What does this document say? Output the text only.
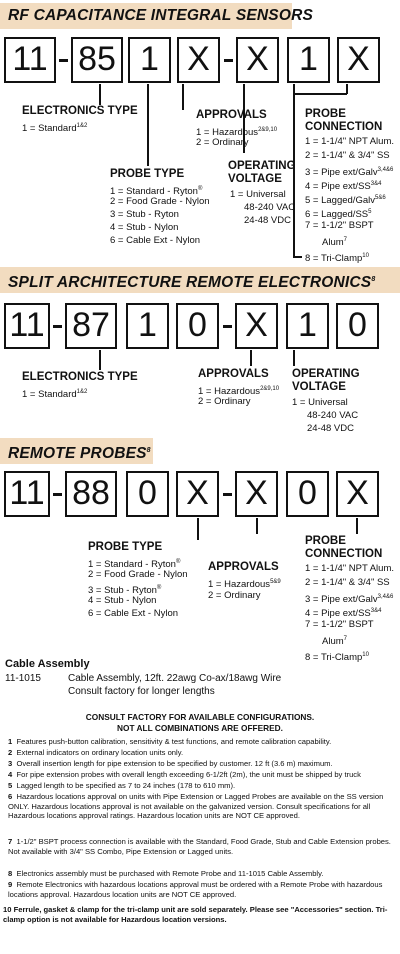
RF CAPACITANCE INTEGRAL SENSORS
11 85 1 X X 1 X
ELECTRONICS TYPE
1 = Standard$^{1\&2}$
APPROVALS
1 = Hazardous$^{2\&9,10}$
2 = Ordinary
PROBE TYPE
1 = Standard - Ryton®
2 = Food Grade - Nylon
3 = Stub - Ryton
4 = Stub - Nylon
6 = Cable Ext - Nylon
OPERATING
VOLTAGE
1 = Universal
48-240 VAC
24-48 VDC
PROBE
CONNECTION
1 = 1-1/4" NPT Alum.
2 = 1-1/4" & 3/4" SS
3 = Pipe ext/Galv$^{3,4\&6}$
4 = Pipe ext/$SS^{3\&4}$
5 = Lagged/Galv$^{5\&6}$
6 = Lagged/$SS^5$
7 = 1-1/2" BSPT
Alum$^7$
8 = Tri-Clamp$^{10}$
SPLIT ARCHITECTURE REMOTE ELECTRONICS$^8$
11 87 1 0	X 1 0
ELECTRONICS TYPE
1 = Standard$^{1\&2}$
APPROVALS
1 = Hazardous$^{2\&9,10}$
2 = Ordinary
OPERATING
VOLTAGE
1 = Universal
48-240 VAC
24-48 VDC
REMOTE PROBES$^8$
11 88 0 X X 0 X
PROBE TYPE
1 = Standard - Ryton®
2 = Food Grade - Nylon
3 = Stub - Ryton®
4 = Stub - Nylon
6 = Cable Ext - Nylon
APPROVALS
1 = Hazardous$^{5\&9}$
2 = Ordinary
PROBE
CONNECTION
1 = 1-1/4" NPT Alum.
2 = 1-1/4" & 3/4" SS
3 = Pipe ext/Galv$^{3,4\&6}$
4 = Pipe ext/$SS^{3\&4}$
7 = 1-1/2" BSPT
Alum$^7$
8 = Tri-Clamp$^{10}$
Cable Assembly
11-1015	Cable Assembly, 12ft. 22awg Co-ax/18awg Wire
Consult factory for longer lengths
CONSULT FACTORY FOR AVAILABLE CONFIGURATIONS.
NOT ALL COMBINATIONS ARE OFFERED.
1 Features push-button calibration, sensitivity & test functions, and remote calibration capability.
2 External indicators on ordinary location units only.
3 Overall insertion length for pipe extension to be specified by customer. 12 ft (3.6 m) maximum.
4 For pipe extension probes with overall length exceeding 6-1/2ft (2m), the unit must be shipped by truck
5 Lagged length to be specified as 7 to 24 inches (178 to 610 mm).
6 Hazardous locations approval on units with Pipe Extension or Lagged Probes are available on the SS version ONLY. Hazardous locations approval is not available on the galvanized version. Consult specifications for all Hazardous locations approval ratings. Hazardous location units are NOT CE approved.
7 1-1/2" BSPT process connection is available with the Standard, Food Grade, Stub and Cable Extension probes. Not available with 3/4" SS Combo, Pipe Extension or Lagged units.
8 Electronics assembly must be purchased with Remote Probe and 11-1015 Cable Assembly.
9 Remote Electronics with hazardous locations approval must be ordered with a Remote Probe with hazardous locations approval. Hazardous location units are NOT CE approved.
10 Ferrule, gasket & clamp for the tri-clamp unit are sold separately. Please see "Accessories" section. Tri-clamp option is not available for Hazardous location versions.
